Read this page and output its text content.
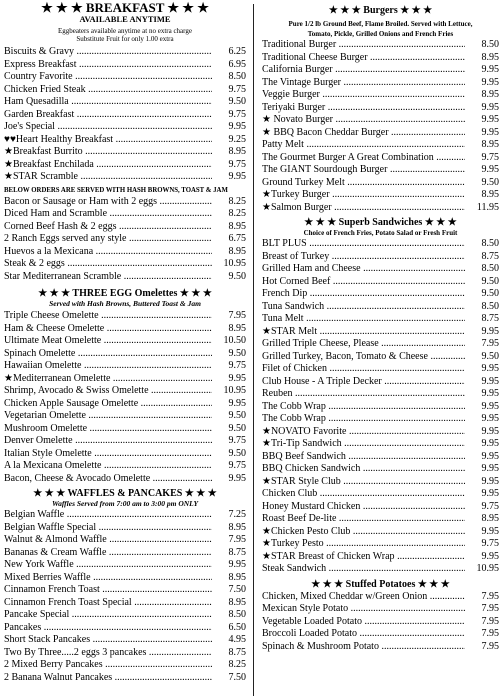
★ ★ ★ BREAKFAST ★ ★ ★
AVAILABLE ANYTIME
Eggbeaters available anytime at no extra charge
Substitute Fruit for only 1.00 extra
Biscuits & Gravy .....	6.25
Express Breakfast .....	6.95
Country Favorite .....	8.50
Chicken Fried Steak .....	9.75
Ham Quesadilla .....	9.50
Garden Breakfast .....	9.75
Joe's Special .....	9.95
♥♥Heart Healthy Breakfast .....	9.25
★Breakfast Burrito .....	8.95
★Breakfast Enchilada .....	9.75
★STAR Scramble .....	9.95
BELOW ORDERS ARE SERVED WITH HASH BROWNS, TOAST & JAM
Bacon or Sausage or Ham with 2 eggs .....	8.25
Diced Ham and Scramble .....	8.25
Corned Beef Hash & 2 eggs .....	8.95
2 Ranch Eggs served any style .....	6.75
Huevos a la Mexicana .....	8.95
Steak & 2 eggs .....	10.95
Star Mediterranean Scramble .....	9.50
★ ★ ★ THREE EGG Omelettes ★ ★ ★
Served with Hash Browns, Buttered Toast & Jam
Triple Cheese Omelette .....	7.95
Ham & Cheese Omelette .....	8.95
Ultimate Meat Omelette .....	10.50
Spinach Omelette .....	9.50
Hawaiian Omelette .....	9.75
★Mediterranean Omelette .....	9.95
Shrimp, Avocado & Swiss Omelette .....	10.95
Chicken Apple Sausage Omelette .....	9.95
Vegetarian Omelette .....	9.50
Mushroom Omelette .....	9.50
Denver Omelette .....	9.75
Italian Style Omelette .....	9.50
A la Mexicana Omelette .....	9.75
Bacon, Cheese & Avocado Omelette .....	9.95
★ ★ ★ WAFFLES & PANCAKES ★ ★ ★
Waffles Served from 7:00 am to 3:00 pm ONLY
Belgian Waffle .....	7.25
Belgian Waffle Special .....	8.95
Walnut & Almond Waffle .....	7.95
Bananas & Cream Waffle .....	8.75
New York Waffle .....	9.95
Mixed Berries Waffle .....	8.95
Cinnamon French Toast .....	7.50
Cinnamon French Toast Special .....	8.95
Pancake Special .....	8.50
Pancakes .....	6.50
Short Stack Pancakes .....	4.95
Two By Three.....2 eggs 3 pancakes .....	8.75
2 Mixed Berry Pancakes .....	8.25
2 Banana Walnut Pancakes .....	7.50
★ ★ ★ Burgers ★ ★ ★
Pure 1/2 lb Ground Beef, Flame Broiled. Served with Lettuce,
Tomato, Pickle, Grilled Onions and French Fries
Traditional Burger .....	8.50
Traditional Cheese Burger .....	8.95
California Burger .....	9.95
The Vintage Burger .....	9.95
Veggie Burger .....	8.95
Teriyaki Burger .....	9.95
★ Novato Burger .....	9.95
★ BBQ Bacon Cheddar Burger .....	9.95
Patty Melt .....	8.95
The Gourmet Burger A Great Combination .....	9.75
The GIANT Sourdough Burger .....	9.95
Ground Turkey Melt .....	9.50
★Turkey Burger .....	8.95
★Salmon Burger .....	11.95
★ ★ ★ Superb Sandwiches ★ ★ ★
Choice of French Fries, Potato Salad or Fresh Fruit
BLT PLUS .....	8.50
Breast of Turkey .....	8.75
Grilled Ham and Cheese .....	8.50
Hot Corned Beef .....	9.50
French Dip .....	9.50
Tuna Sandwich .....	8.50
Tuna Melt .....	8.75
★STAR Melt .....	9.95
Grilled Triple Cheese, Please .....	7.95
Grilled Turkey, Bacon, Tomato & Cheese .....	9.50
Filet of Chicken .....	9.95
Club House - A Triple Decker .....	9.95
Reuben .....	9.95
The Cobb Wrap .....	9.95
The Cobb Wrap .....	9.95
★NOVATO Favorite .....	9.95
★Tri-Tip Sandwich .....	9.95
BBQ Beef Sandwich .....	9.95
BBQ Chicken Sandwich .....	9.95
★STAR Style Club .....	9.95
Chicken Club .....	9.95
Honey Mustard Chicken .....	9.75
Roast Beef De-lite .....	8.95
★Chicken Pesto Club .....	9.95
★Turkey Pesto .....	9.75
★STAR Breast of Chicken Wrap .....	9.95
Steak Sandwich .....	10.95
★ ★ ★ Stuffed Potatoes ★ ★ ★
Chicken, Mixed Cheddar w/Green Onion .....	7.95
Mexican Style Potato .....	7.95
Vegetable Loaded Potato .....	7.95
Broccoli Loaded Potato .....	7.95
Spinach & Mushroom Potato .....	7.95
